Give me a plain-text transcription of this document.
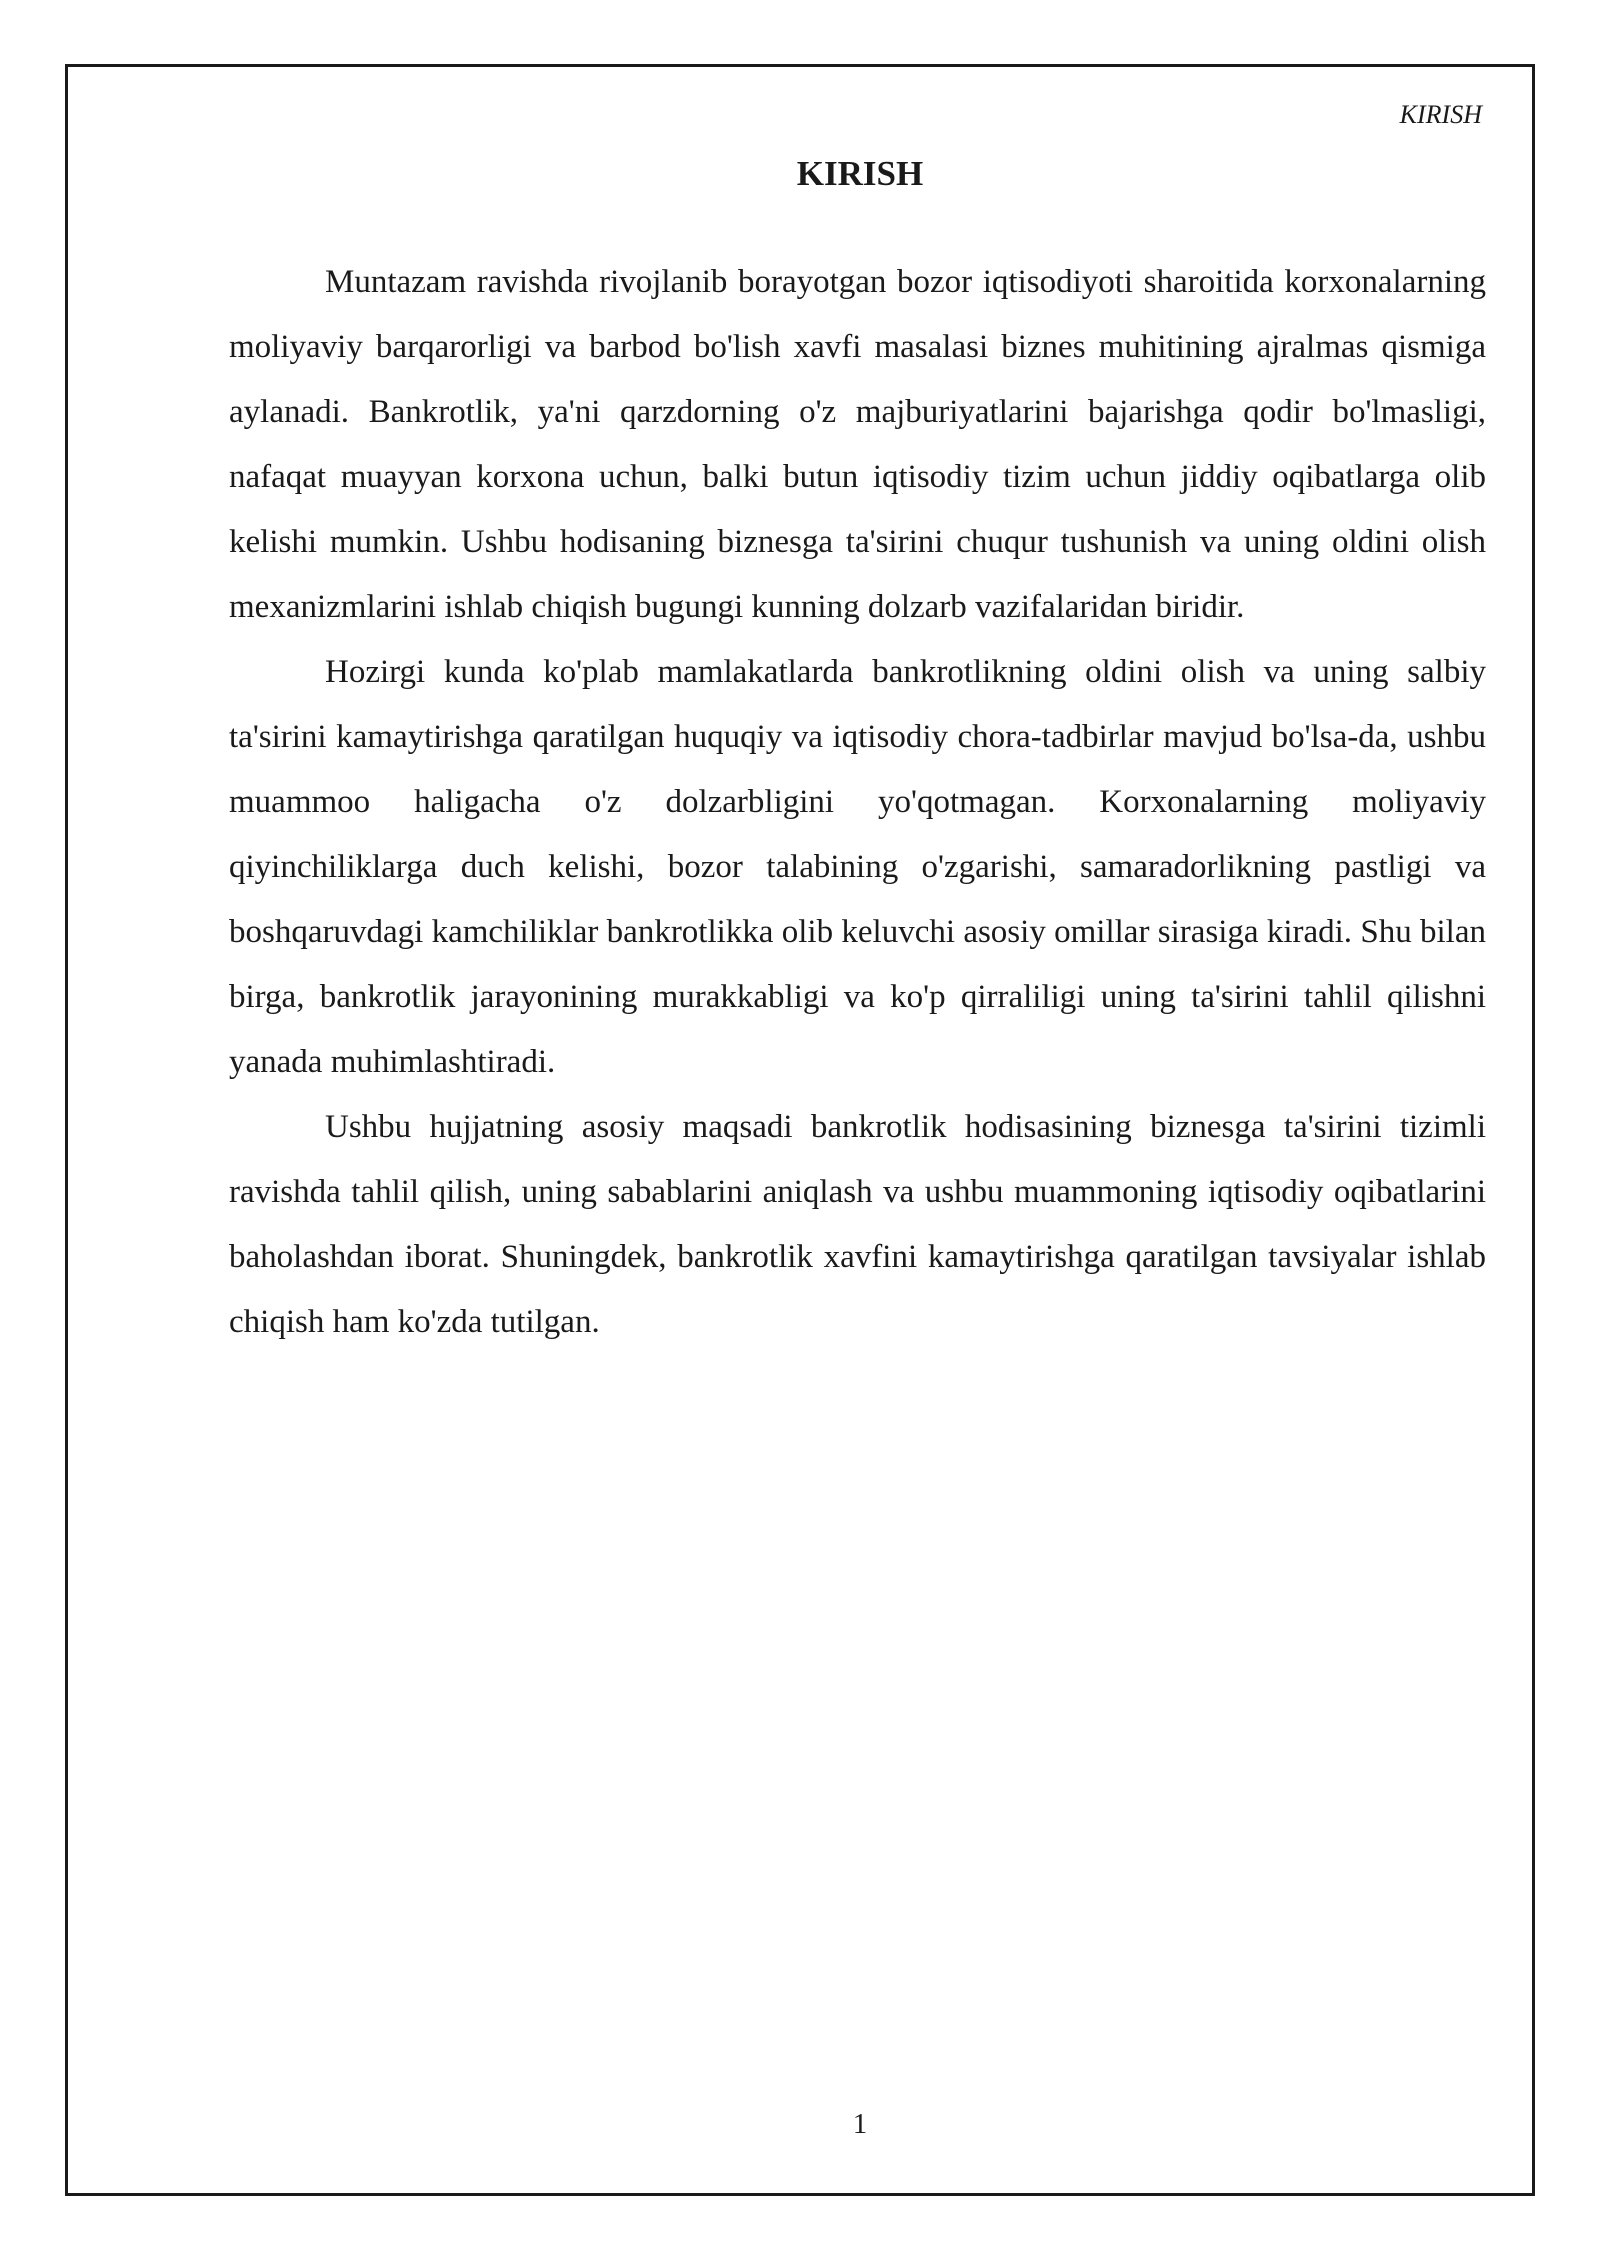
KIRISH
KIRISH

Muntazam ravishda rivojlanib borayotgan bozor iqtisodiyoti sharoitida korxonalarning moliyaviy barqarorligi va barbod bo'lish xavfi masalasi biznes muhitining ajralmas qismiga aylanadi. Bankrotlik, ya'ni qarzdorning o'z majburiyatlarini bajarishga qodir bo'lmasligi, nafaqat muayyan korxona uchun, balki butun iqtisodiy tizim uchun jiddiy oqibatlarga olib kelishi mumkin. Ushbu hodisaning biznesga ta'sirini chuqur tushunish va uning oldini olish mexanizmlarini ishlab chiqish bugungi kunning dolzarb vazifalaridan biridir.

Hozirgi kunda ko'plab mamlakatlarda bankrotlikning oldini olish va uning salbiy ta'sirini kamaytirishga qaratilgan huquqiy va iqtisodiy chora-tadbirlar mavjud bo'lsa-da, ushbu muammoo haligacha o'z dolzarbligini yo'qotmagan. Korxonalarning moliyaviy qiyinchiliklarga duch kelishi, bozor talabining o'zgarishi, samaradorlikning pastligi va boshqaruvdagi kamchiliklar bankrotlikka olib keluvchi asosiy omillar sirasiga kiradi. Shu bilan birga, bankrotlik jarayonining murakkabligi va ko'p qirraliligi uning ta'sirini tahlil qilishni yanada muhimlashtiradi.

Ushbu hujjatning asosiy maqsadi bankrotlik hodisasining biznesga ta'sirini tizimli ravishda tahlil qilish, uning sabablarini aniqlash va ushbu muammoning iqtisodiy oqibatlarini baholashdan iborat. Shuningdek, bankrotlik xavfini kamaytirishga qaratilgan tavsiyalar ishlab chiqish ham ko'zda tutilgan.

1
